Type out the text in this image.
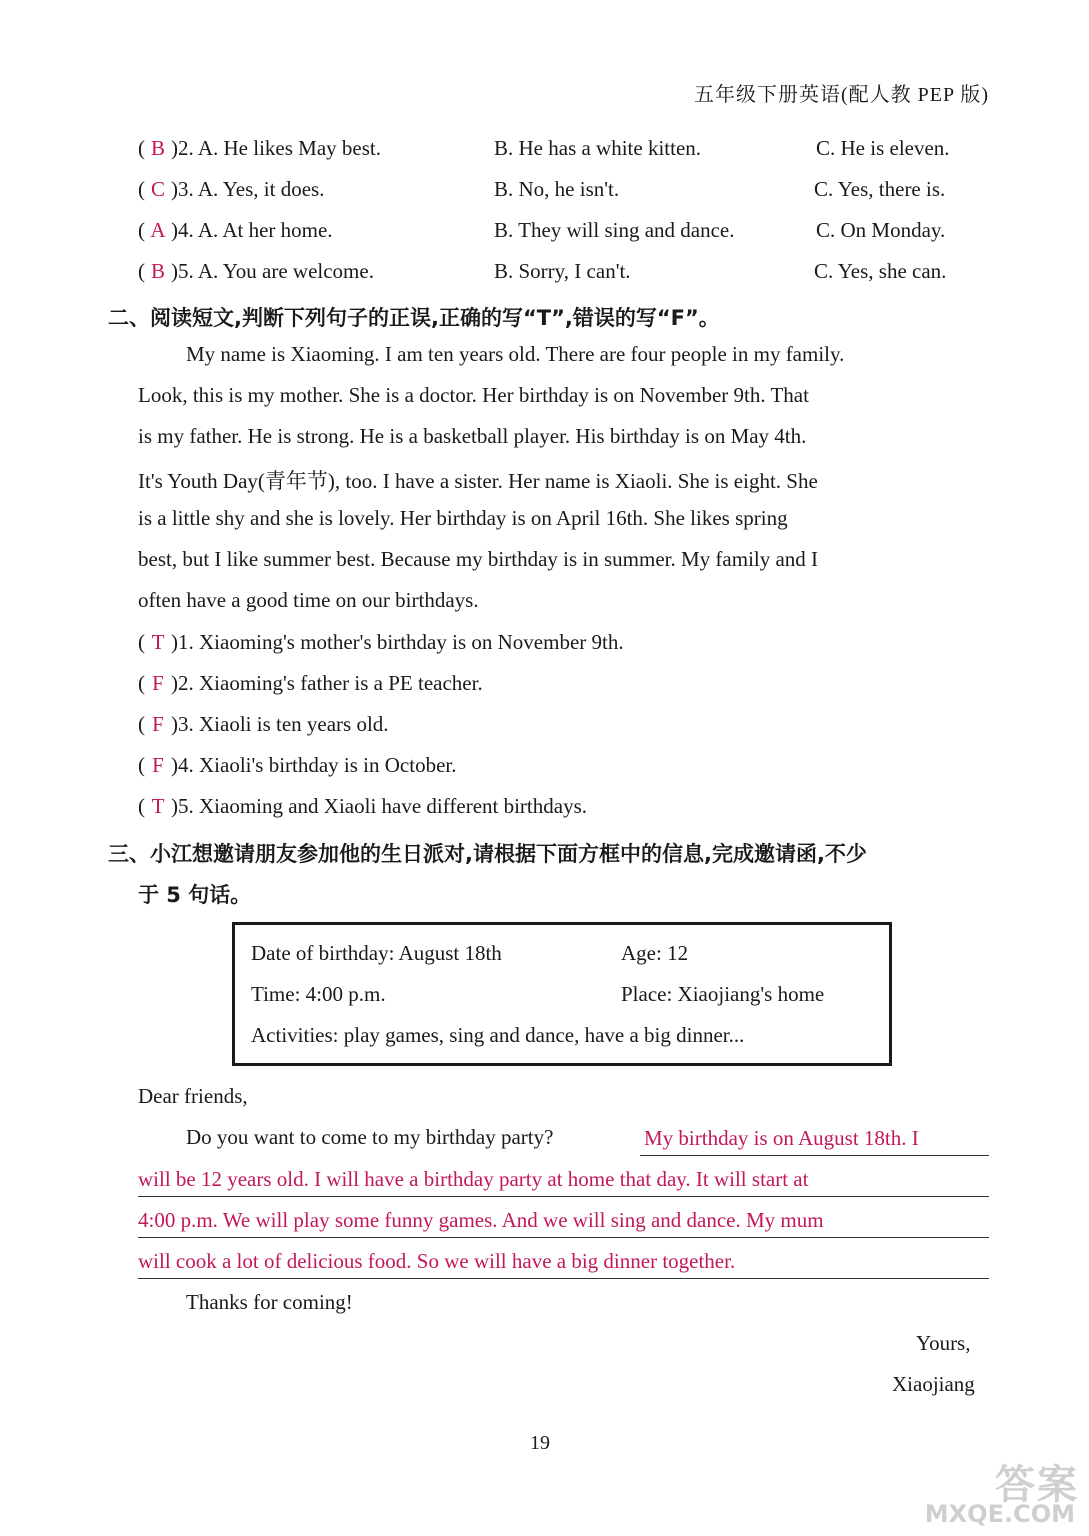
五年级下册英语(配人教 PEP 版)
( B )2. A. He likes May best.	B. He has a white kitten.	C. He is eleven.
( C )3. A. Yes, it does.	B. No, he isn't.	C. Yes, there is.
( A )4. A. At her home.	B. They will sing and dance.	C. On Monday.
( B )5. A. You are welcome.	B. Sorry, I can't.	C. Yes, she can.
二、阅读短文,判断下列句子的正误,正确的写“T”,错误的写“F”。
My name is Xiaoming. I am ten years old. There are four people in my family.
Look, this is my mother. She is a doctor. Her birthday is on November 9th. That
is my father. He is strong. He is a basketball player. His birthday is on May 4th.
It's Youth Day(青年节), too. I have a sister. Her name is Xiaoli. She is eight. She
is a little shy and she is lovely. Her birthday is on April 16th. She likes spring
best, but I like summer best. Because my birthday is in summer. My family and I
often have a good time on our birthdays.
( T )1. Xiaoming's mother's birthday is on November 9th.
( F )2. Xiaoming's father is a PE teacher.
( F )3. Xiaoli is ten years old.
( F )4. Xiaoli's birthday is in October.
( T )5. Xiaoming and Xiaoli have different birthdays.
三、小江想邀请朋友参加他的生日派对,请根据下面方框中的信息,完成邀请函,不少
于 5 句话。
Date of birthday: August 18th	Age: 12
Time: 4:00 p.m.	Place: Xiaojiang's home
Activities: play games, sing and dance, have a big dinner...
Dear friends,
Do you want to come to my birthday party?	My birthday is on August 18th. I
will be 12 years old. I will have a birthday party at home that day. It will start at
4:00 p.m. We will play some funny games. And we will sing and dance. My mum
will cook a lot of delicious food. So we will have a big dinner together.
Thanks for coming!
Yours,
Xiaojiang
19
答案
MXQE.COM
